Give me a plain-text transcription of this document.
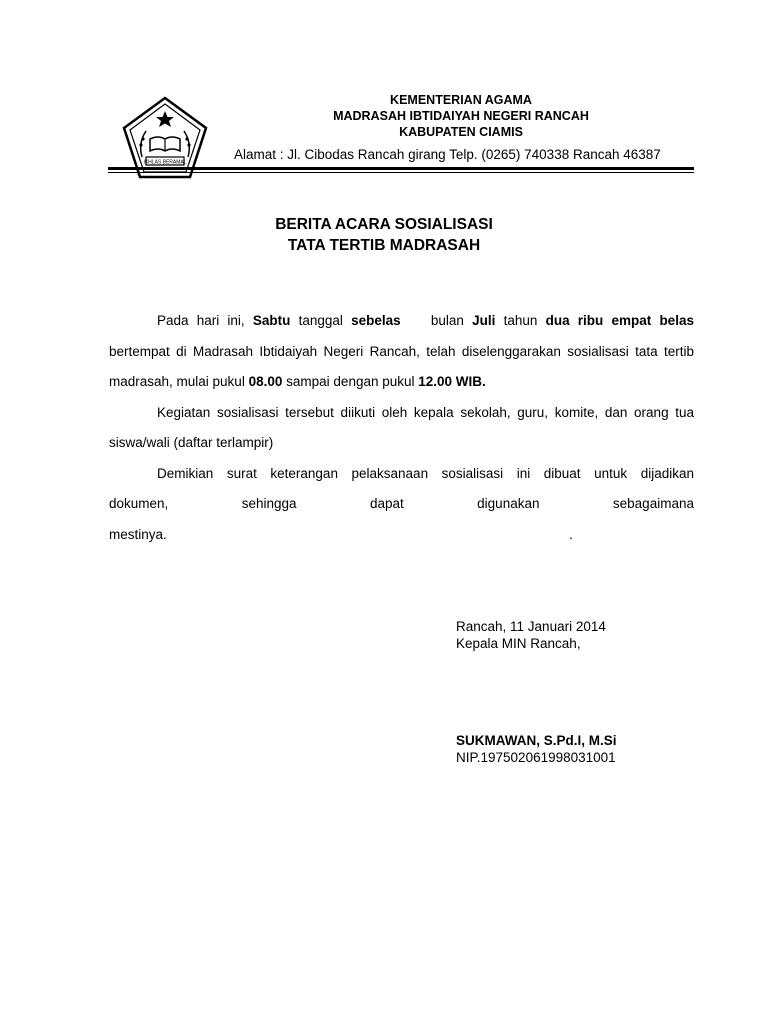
IKHLAS BERAMAL
KEMENTERIAN AGAMA
MADRASAH IBTIDAIYAH NEGERI RANCAH
KABUPATEN CIAMIS
Alamat : Jl. Cibodas Rancah girang Telp. (0265) 740338 Rancah 46387
BERITA ACARA SOSIALISASI
TATA TERTIB MADRASAH

Pada hari ini, Sabtu tanggal sebelas bulan Juli tahun dua ribu empat belas bertempat di Madrasah Ibtidaiyah Negeri Rancah, telah diselenggarakan sosialisasi tata tertib madrasah, mulai pukul 08.00 sampai dengan pukul 12.00 WIB.

Kegiatan sosialisasi tersebut diikuti oleh kepala sekolah, guru, komite, dan orang tua siswa/wali (daftar terlampir)

Demikian surat keterangan pelaksanaan sosialisasi ini dibuat untuk dijadikan

dokumen,	sehingga	dapat	digunakan	sebagaimana
mestinya.	.
Rancah, 11 Januari 2014
Kepala MIN Rancah,
SUKMAWAN, S.Pd.I, M.Si
NIP.197502061998031001
